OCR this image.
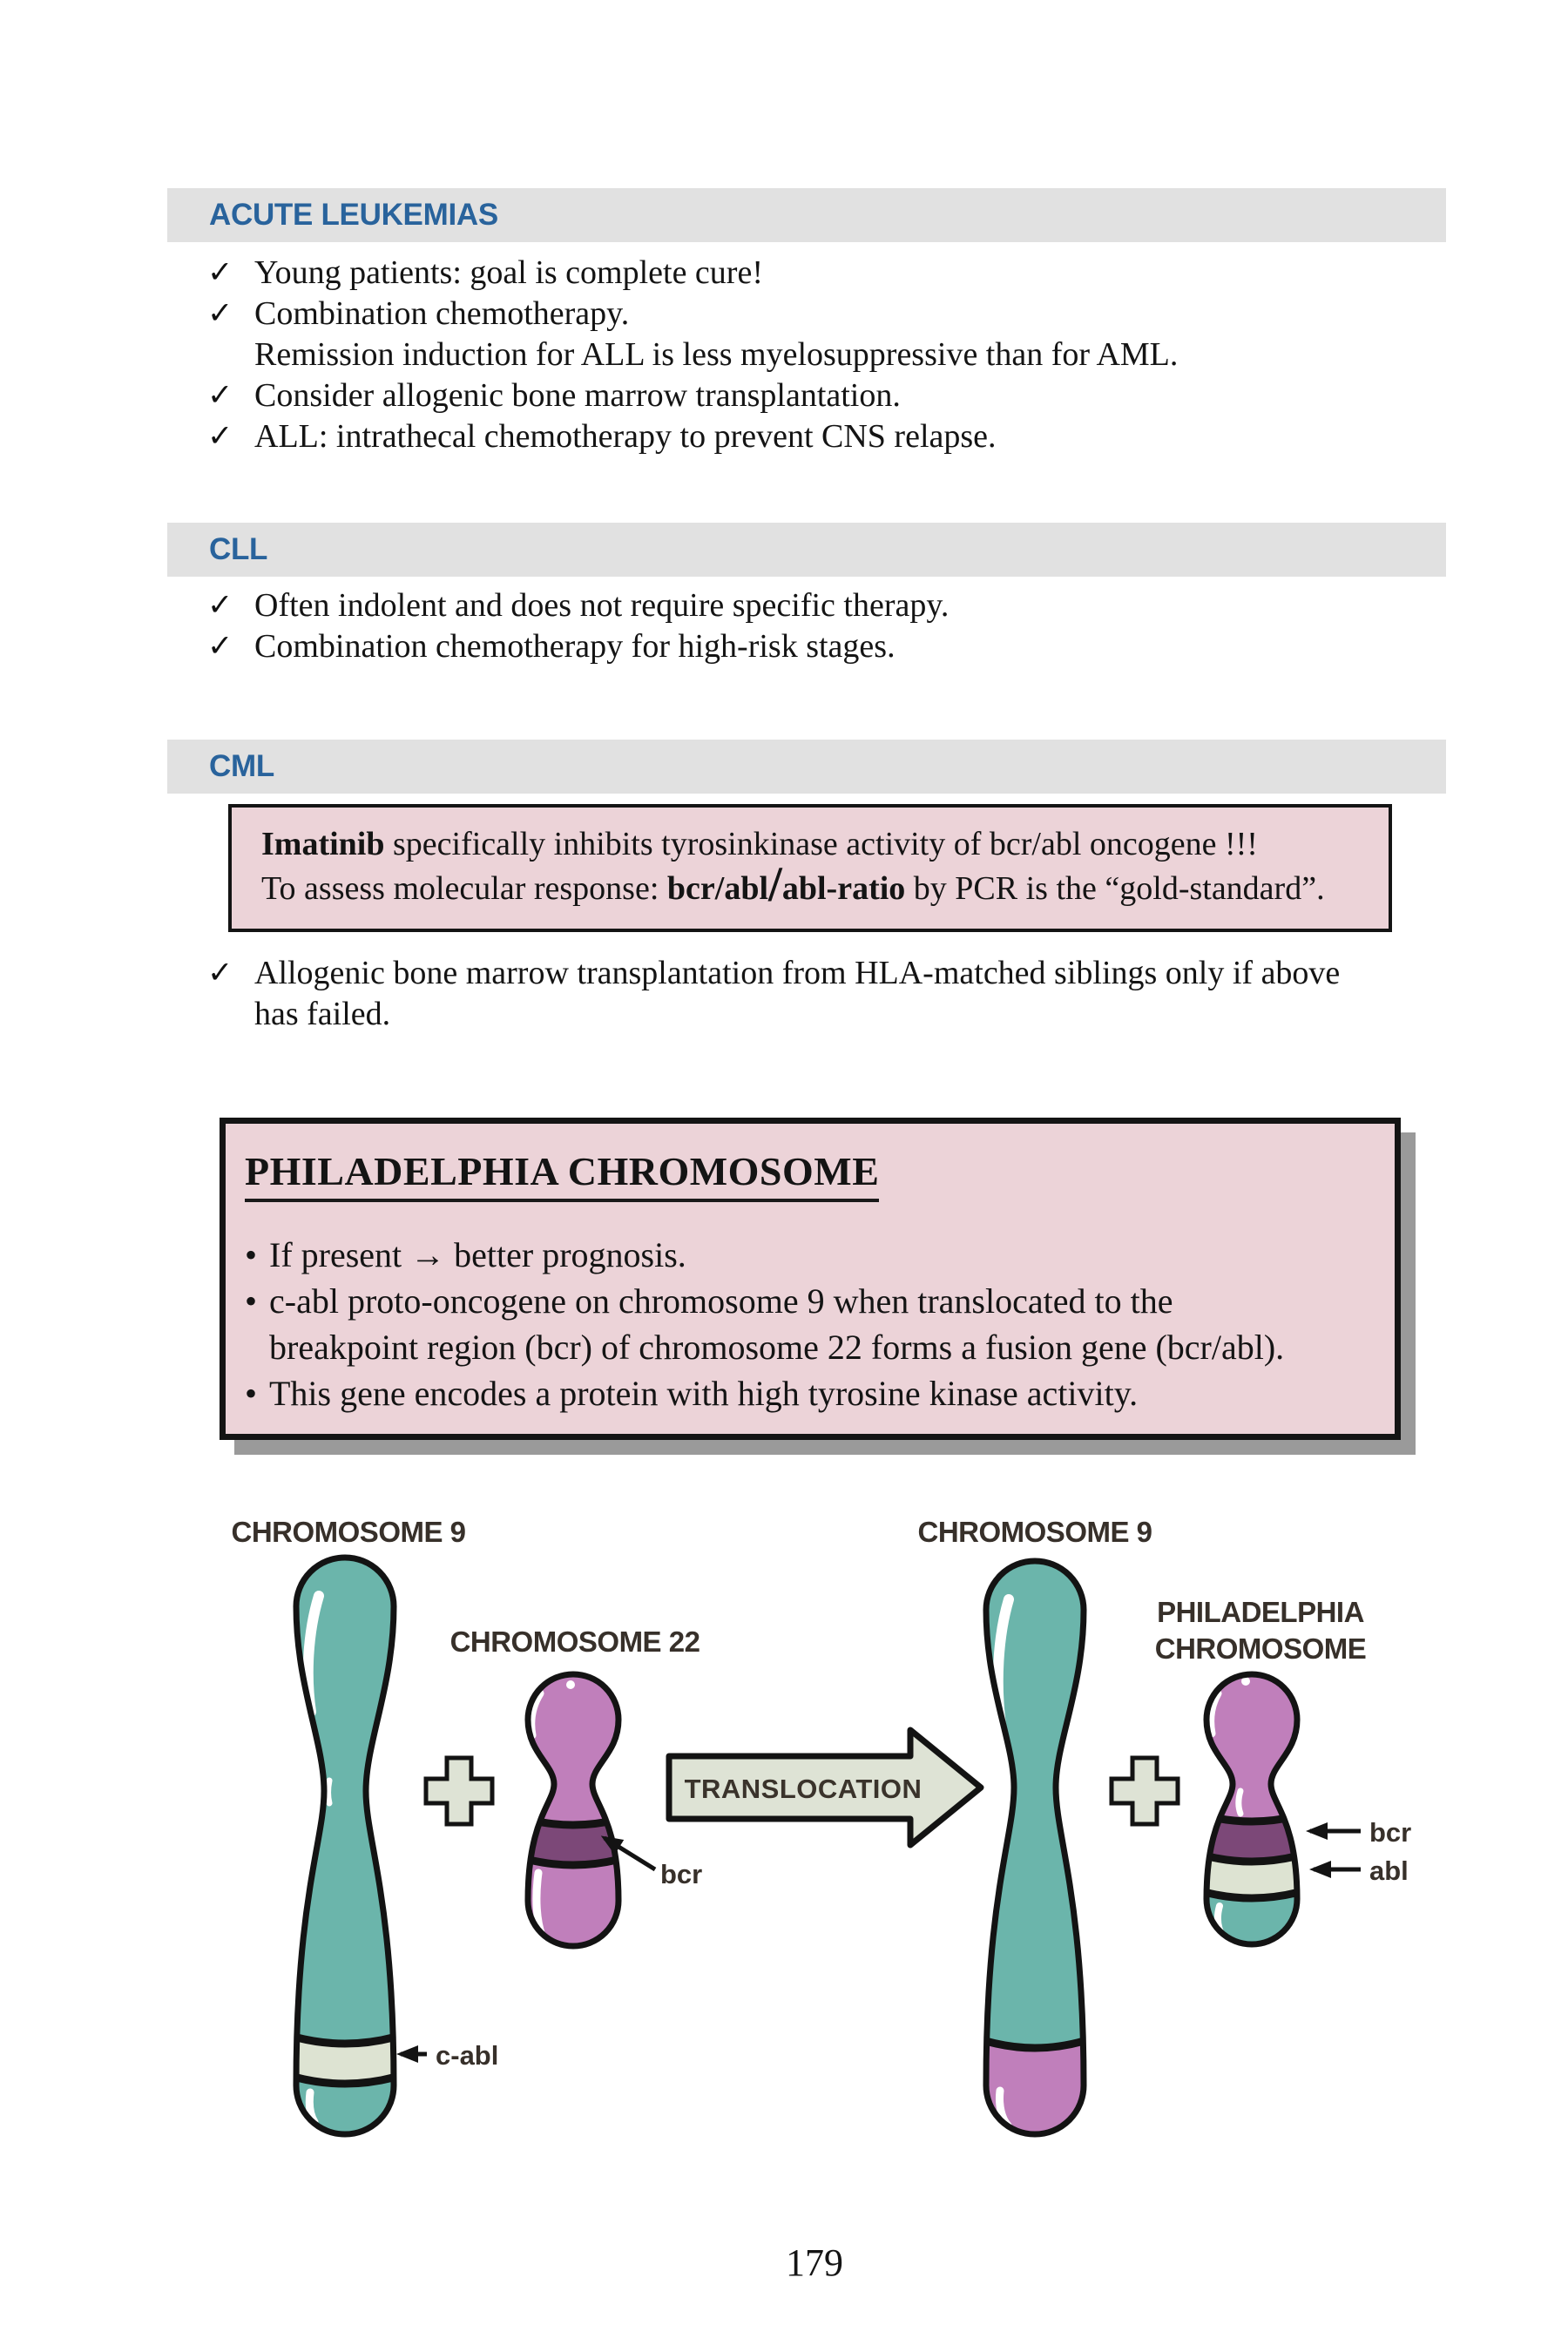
ACUTE LEUKEMIAS
✓ Young patients: goal is complete cure!
✓ Combination chemotherapy.
Remission induction for ALL is less myelosuppressive than for AML.
✓ Consider allogenic bone marrow transplantation.
✓ ALL: intrathecal chemotherapy to prevent CNS relapse.
CLL
✓ Often indolent and does not require specific therapy.
✓ Combination chemotherapy for high-risk stages.
CML
Imatinib specifically inhibits tyrosinkinase activity of bcr/abl oncogene !!!
To assess molecular response: bcr/abl/abl-ratio by PCR is the “gold-standard”.
✓ Allogenic bone marrow transplantation from HLA-matched siblings only if above
has failed.
PHILADELPHIA CHROMOSOME
• If present → better prognosis.
• c-abl proto-oncogene on chromosome 9 when translocated to the
breakpoint region (bcr) of chromosome 22 forms a fusion gene (bcr/abl).
• This gene encodes a protein with high tyrosine kinase activity.
TRANSLOCATION
CHROMOSOME 9
CHROMOSOME 22
CHROMOSOME 9
PHILADELPHIA
CHROMOSOME
bcr
c-abl
bcr
abl
179
